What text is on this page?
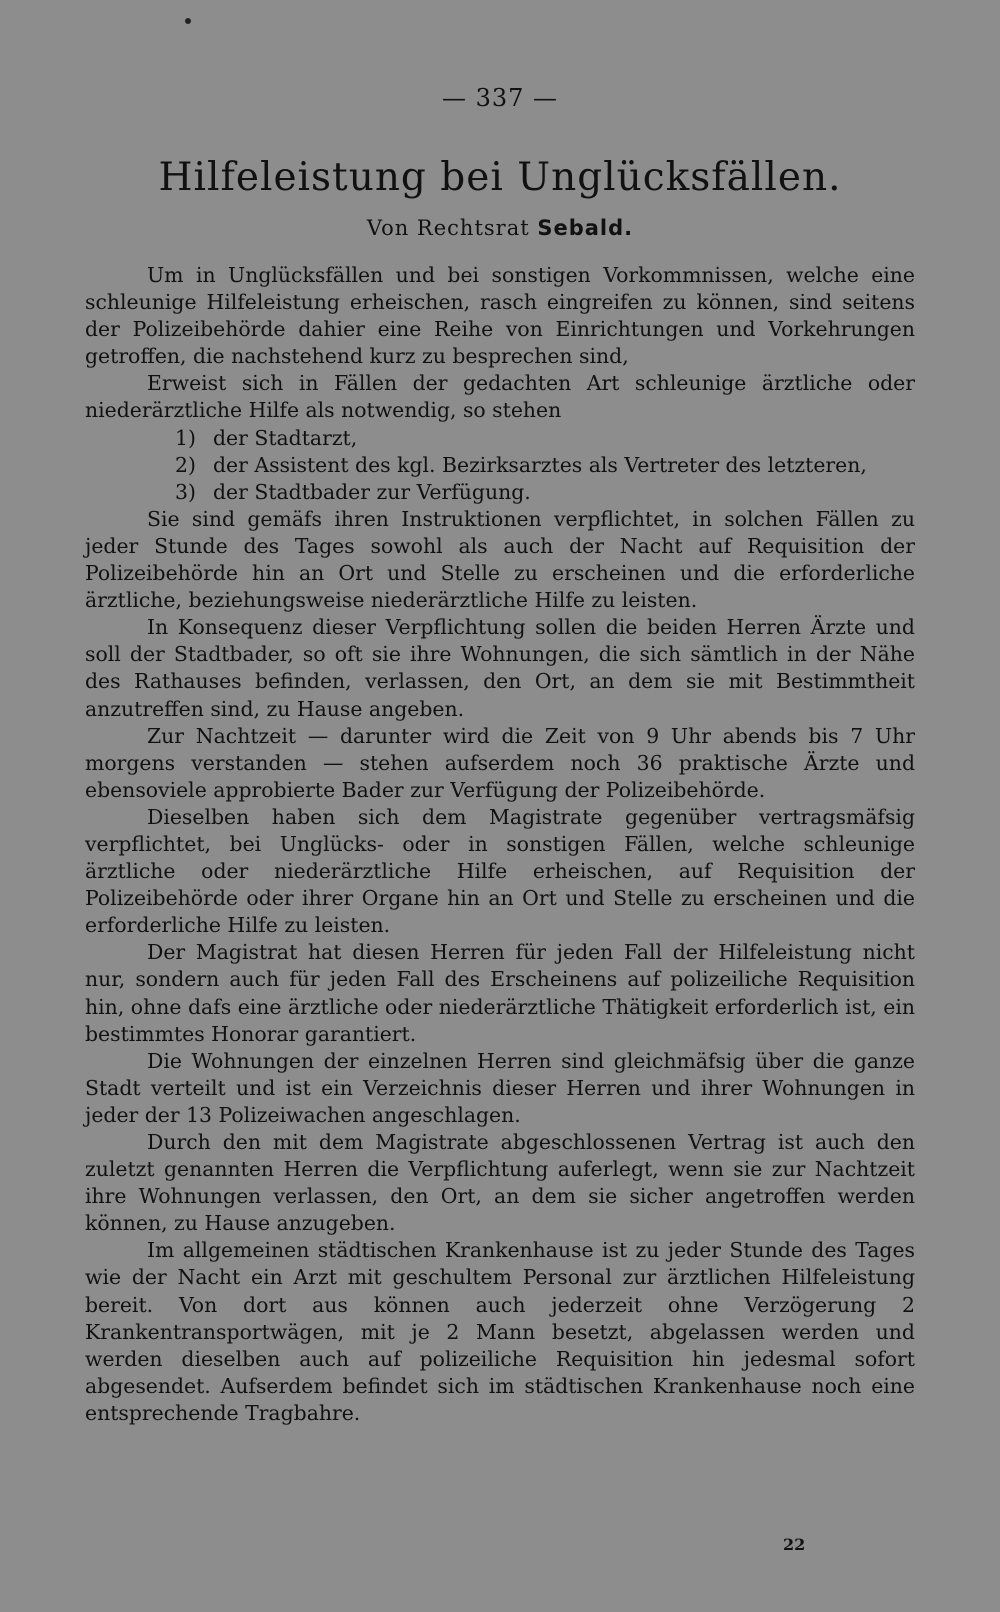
— 337 —
Hilfeleistung bei Unglücksfällen.
Von Rechtsrat Sebald.

Um in Unglücksfällen und bei sonstigen Vorkommnissen, welche eine schleunige Hilfeleistung erheischen, rasch eingreifen zu können, sind seitens der Polizeibehörde dahier eine Reihe von Einrichtungen und Vorkehrungen getroffen, die nachstehend kurz zu besprechen sind,

Erweist sich in Fällen der gedachten Art schleunige ärztliche oder niederärztliche Hilfe als notwendig, so stehen

1) der Stadtarzt,
2) der Assistent des kgl. Bezirksarztes als Vertreter des letzteren,
3) der Stadtbader zur Verfügung.

Sie sind gemäfs ihren Instruktionen verpflichtet, in solchen Fällen zu jeder Stunde des Tages sowohl als auch der Nacht auf Requisition der Polizeibehörde hin an Ort und Stelle zu erscheinen und die erforderliche ärztliche, beziehungsweise niederärztliche Hilfe zu leisten.

In Konsequenz dieser Verpflichtung sollen die beiden Herren Ärzte und soll der Stadtbader, so oft sie ihre Wohnungen, die sich sämtlich in der Nähe des Rathauses befinden, verlassen, den Ort, an dem sie mit Bestimmtheit anzutreffen sind, zu Hause angeben.

Zur Nachtzeit — darunter wird die Zeit von 9 Uhr abends bis 7 Uhr morgens verstanden — stehen aufserdem noch 36 praktische Ärzte und ebensoviele approbierte Bader zur Verfügung der Polizeibehörde.

Dieselben haben sich dem Magistrate gegenüber vertragsmäfsig verpflichtet, bei Unglücks- oder in sonstigen Fällen, welche schleunige ärztliche oder niederärztliche Hilfe erheischen, auf Requisition der Polizeibehörde oder ihrer Organe hin an Ort und Stelle zu erscheinen und die erforderliche Hilfe zu leisten.

Der Magistrat hat diesen Herren für jeden Fall der Hilfeleistung nicht nur, sondern auch für jeden Fall des Erscheinens auf polizeiliche Requisition hin, ohne dafs eine ärztliche oder niederärztliche Thätigkeit erforderlich ist, ein bestimmtes Honorar garantiert.

Die Wohnungen der einzelnen Herren sind gleichmäfsig über die ganze Stadt verteilt und ist ein Verzeichnis dieser Herren und ihrer Wohnungen in jeder der 13 Polizeiwachen angeschlagen.

Durch den mit dem Magistrate abgeschlossenen Vertrag ist auch den zuletzt genannten Herren die Verpflichtung auferlegt, wenn sie zur Nachtzeit ihre Wohnungen verlassen, den Ort, an dem sie sicher angetroffen werden können, zu Hause anzugeben.

Im allgemeinen städtischen Krankenhause ist zu jeder Stunde des Tages wie der Nacht ein Arzt mit geschultem Personal zur ärztlichen Hilfeleistung bereit. Von dort aus können auch jederzeit ohne Verzögerung 2 Krankentransportwägen, mit je 2 Mann besetzt, abgelassen werden und werden dieselben auch auf polizeiliche Requisition hin jedesmal sofort abgesendet. Aufserdem befindet sich im städtischen Krankenhause noch eine entsprechende Tragbahre.

22
